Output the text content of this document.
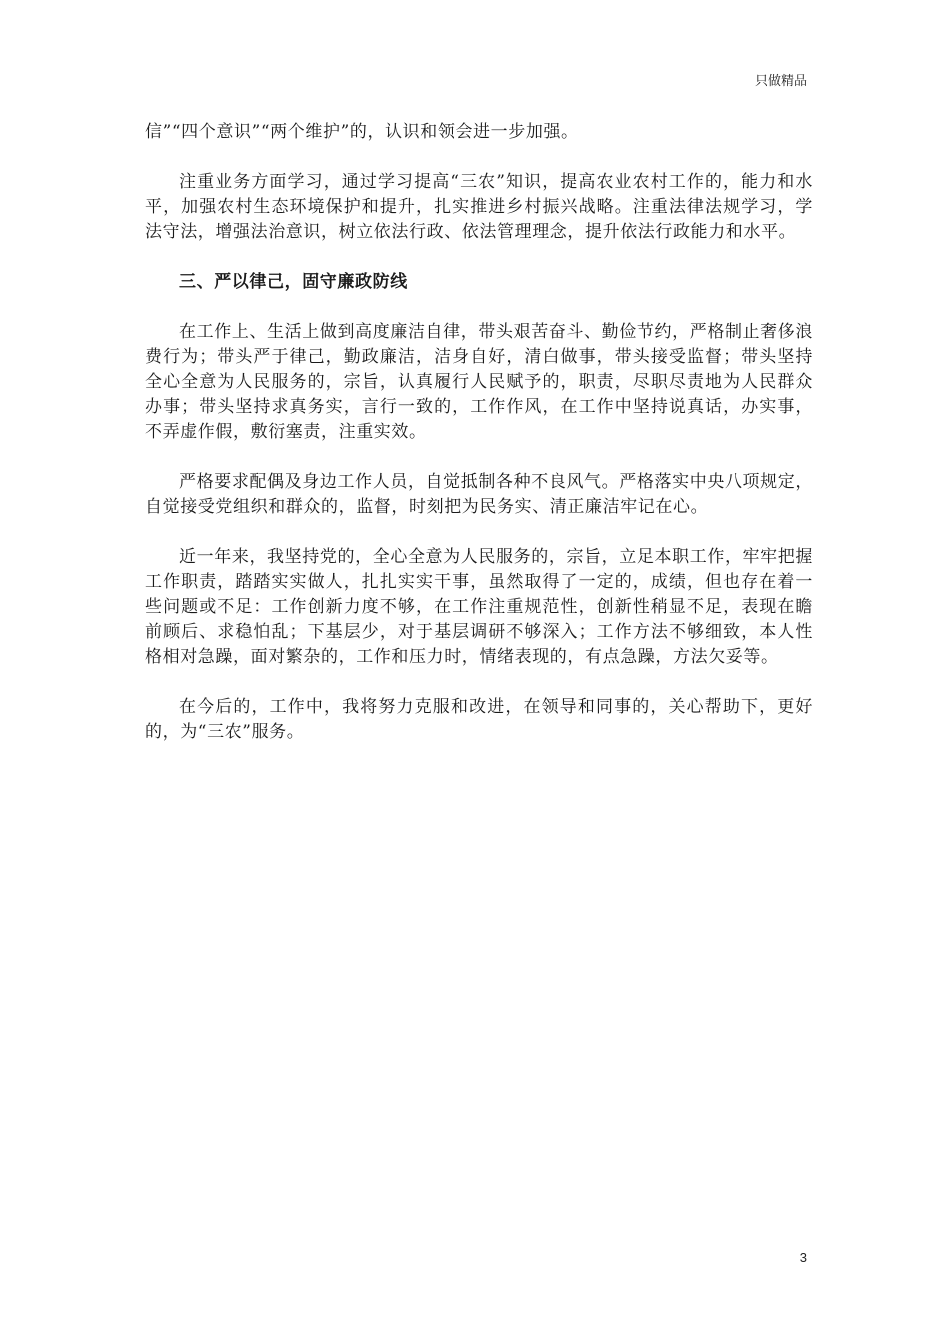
只做精品

信”“四个意识”“两个维护”的，认识和领会进一步加强。

注重业务方面学习，通过学习提高“三农”知识，提高农业农村工作的，能力和水平，加强农村生态环境保护和提升，扎实推进乡村振兴战略。注重法律法规学习，学法守法，增强法治意识，树立依法行政、依法管理理念，提升依法行政能力和水平。

三、严以律己，固守廉政防线

在工作上、生活上做到高度廉洁自律，带头艰苦奋斗、勤俭节约，严格制止奢侈浪费行为；带头严于律己，勤政廉洁，洁身自好，清白做事，带头接受监督；带头坚持全心全意为人民服务的，宗旨，认真履行人民赋予的，职责，尽职尽责地为人民群众办事；带头坚持求真务实，言行一致的，工作作风，在工作中坚持说真话，办实事，不弄虚作假，敷衍塞责，注重实效。

严格要求配偶及身边工作人员，自觉抵制各种不良风气。严格落实中央八项规定，自觉接受党组织和群众的，监督，时刻把为民务实、清正廉洁牢记在心。

近一年来，我坚持党的，全心全意为人民服务的，宗旨，立足本职工作，牢牢把握工作职责，踏踏实实做人，扎扎实实干事，虽然取得了一定的，成绩，但也存在着一些问题或不足：工作创新力度不够，在工作注重规范性，创新性稍显不足，表现在瞻前顾后、求稳怕乱；下基层少，对于基层调研不够深入；工作方法不够细致，本人性格相对急躁，面对繁杂的，工作和压力时，情绪表现的，有点急躁，方法欠妥等。

在今后的，工作中，我将努力克服和改进，在领导和同事的，关心帮助下，更好的，为“三农”服务。

3
